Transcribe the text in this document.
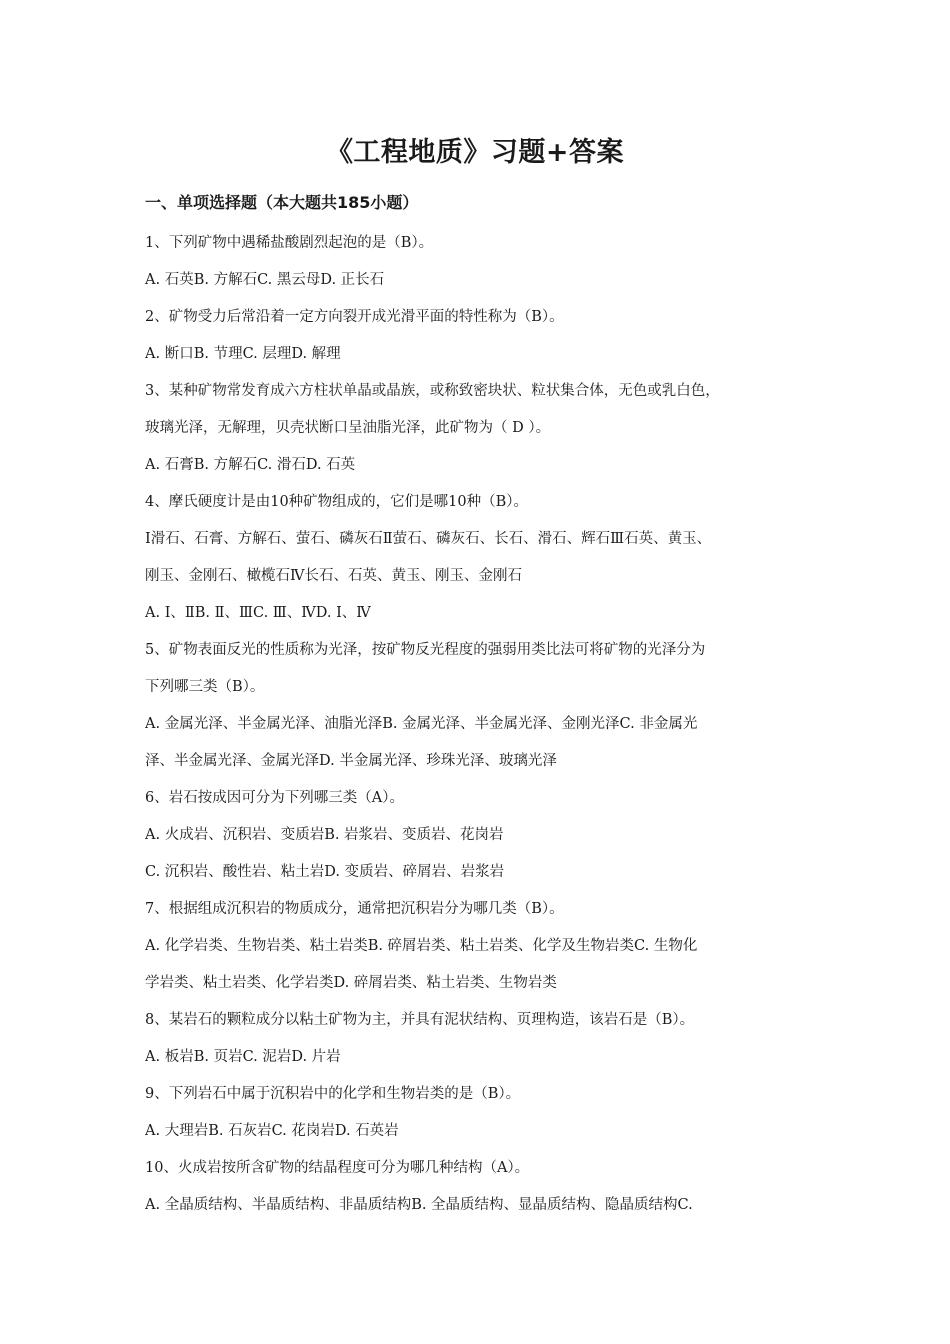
《工程地质》习题+答案
一、单项选择题（本大题共185小题）
1、下列矿物中遇稀盐酸剧烈起泡的是（B）。
A. 石英B. 方解石C. 黑云母D. 正长石
2、矿物受力后常沿着一定方向裂开成光滑平面的特性称为（B）。
A. 断口B. 节理C. 层理D. 解理
3、某种矿物常发育成六方柱状单晶或晶族，或称致密块状、粒状集合体，无色或乳白色，
玻璃光泽，无解理，贝壳状断口呈油脂光泽，此矿物为（ D ）。
A. 石膏B. 方解石C. 滑石D. 石英
4、摩氏硬度计是由10种矿物组成的，它们是哪10种（B）。
Ⅰ滑石、石膏、方解石、萤石、磷灰石Ⅱ萤石、磷灰石、长石、滑石、辉石Ⅲ石英、黄玉、
刚玉、金刚石、橄榄石Ⅳ长石、石英、黄玉、刚玉、金刚石
A. Ⅰ、ⅡB. Ⅱ、ⅢC. Ⅲ、ⅣD. Ⅰ、Ⅳ
5、矿物表面反光的性质称为光泽，按矿物反光程度的强弱用类比法可将矿物的光泽分为
下列哪三类（B）。
A. 金属光泽、半金属光泽、油脂光泽B. 金属光泽、半金属光泽、金刚光泽C. 非金属光
泽、半金属光泽、金属光泽D. 半金属光泽、珍珠光泽、玻璃光泽
6、岩石按成因可分为下列哪三类（A）。
A. 火成岩、沉积岩、变质岩B. 岩浆岩、变质岩、花岗岩
C. 沉积岩、酸性岩、粘土岩D. 变质岩、碎屑岩、岩浆岩
7、根据组成沉积岩的物质成分，通常把沉积岩分为哪几类（B）。
A. 化学岩类、生物岩类、粘土岩类B. 碎屑岩类、粘土岩类、化学及生物岩类C. 生物化
学岩类、粘土岩类、化学岩类D. 碎屑岩类、粘土岩类、生物岩类
8、某岩石的颗粒成分以粘土矿物为主，并具有泥状结构、页理构造，该岩石是（B）。
A. 板岩B. 页岩C. 泥岩D. 片岩
9、下列岩石中属于沉积岩中的化学和生物岩类的是（B）。
A. 大理岩B. 石灰岩C. 花岗岩D. 石英岩
10、火成岩按所含矿物的结晶程度可分为哪几种结构（A）。
A. 全晶质结构、半晶质结构、非晶质结构B. 全晶质结构、显晶质结构、隐晶质结构C.
